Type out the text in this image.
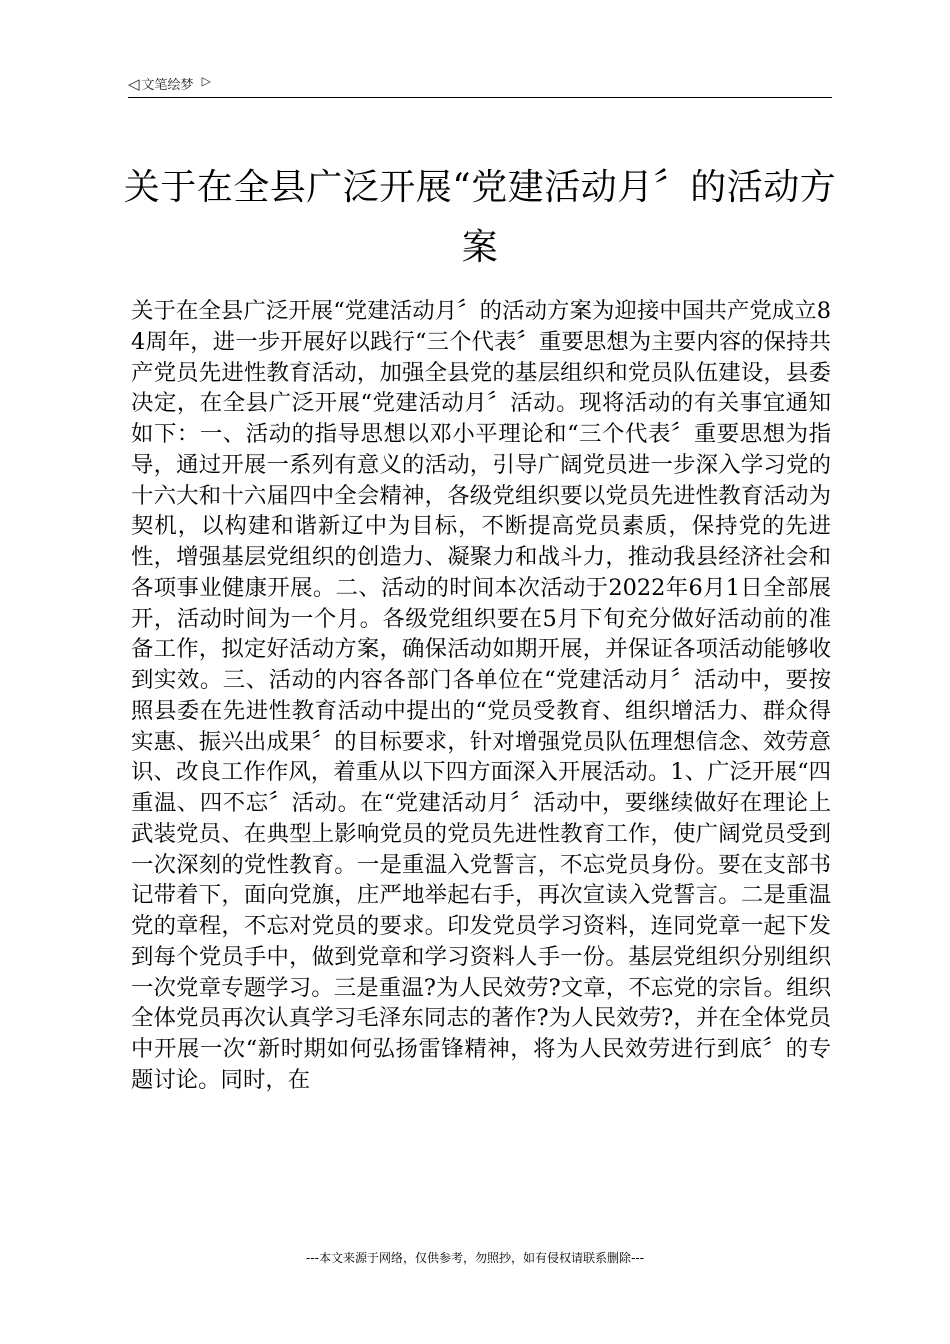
◁ 文笔绘梦 ▷
关于在全县广泛开展“党建活动月〞的活动方案

关于在全县广泛开展“党建活动月〞的活动方案为迎接中国共产党成立84周年，进一步开展好以践行“三个代表〞重要思想为主要内容的保持共产党员先进性教育活动，加强全县党的基层组织和党员队伍建设，县委决定，在全县广泛开展“党建活动月〞活动。现将活动的有关事宜通知如下：一、活动的指导思想以邓小平理论和“三个代表〞重要思想为指导，通过开展一系列有意义的活动，引导广阔党员进一步深入学习党的十六大和十六届四中全会精神，各级党组织要以党员先进性教育活动为契机，以构建和谐新辽中为目标，不断提高党员素质，保持党的先进性，增强基层党组织的创造力、凝聚力和战斗力，推动我县经济社会和各项事业健康开展。二、活动的时间本次活动于2022年6月1日全部展开，活动时间为一个月。各级党组织要在5月下旬充分做好活动前的准备工作，拟定好活动方案，确保活动如期开展，并保证各项活动能够收到实效。三、活动的内容各部门各单位在“党建活动月〞活动中，要按照县委在先进性教育活动中提出的“党员受教育、组织增活力、群众得实惠、振兴出成果〞的目标要求，针对增强党员队伍理想信念、效劳意识、改良工作作风，着重从以下四方面深入开展活动。1、广泛开展“四重温、四不忘〞活动。在“党建活动月〞活动中，要继续做好在理论上武装党员、在典型上影响党员的党员先进性教育工作，使广阔党员受到一次深刻的党性教育。一是重温入党誓言，不忘党员身份。要在支部书记带着下，面向党旗，庄严地举起右手，再次宣读入党誓言。二是重温党的章程，不忘对党员的要求。印发党员学习资料，连同党章一起下发到每个党员手中，做到党章和学习资料人手一份。基层党组织分别组织一次党章专题学习。三是重温?为人民效劳?文章，不忘党的宗旨。组织全体党员再次认真学习毛泽东同志的著作?为人民效劳?，并在全体党员中开展一次“新时期如何弘扬雷锋精神，将为人民效劳进行到底〞的专题讨论。同时，在

---本文来源于网络，仅供参考，勿照抄，如有侵权请联系删除---
